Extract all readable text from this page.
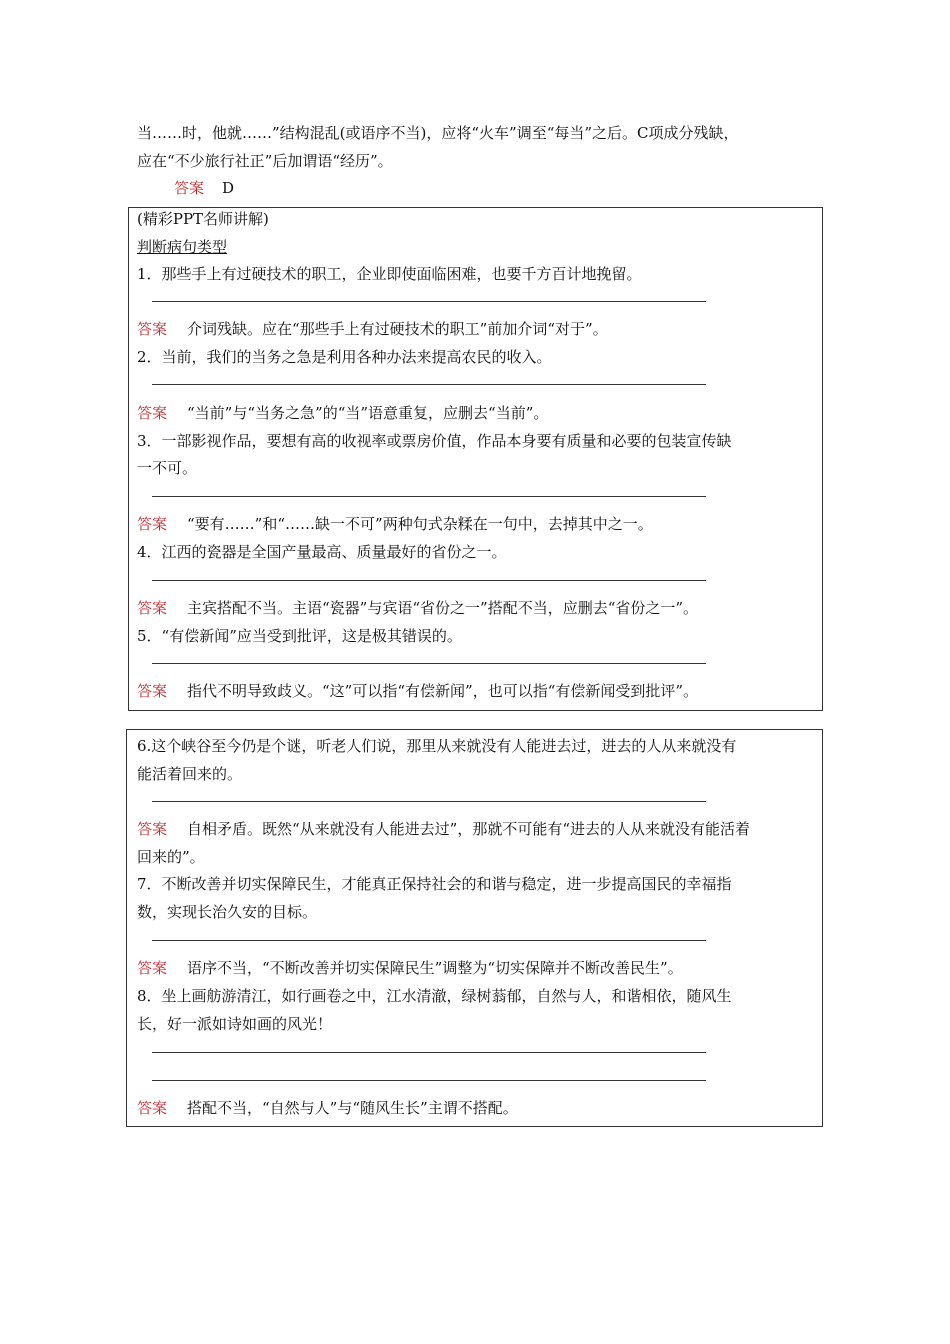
当……时，他就……”结构混乱(或语序不当)，应将“火车”调至“每当”之后。C项成分残缺，
应在“不少旅行社正”后加谓语“经历”。
答案 D
(精彩PPT名师讲解)
判断病句类型
1．那些手上有过硬技术的职工，企业即使面临困难，也要千方百计地挽留。
答案 介词残缺。应在“那些手上有过硬技术的职工”前加介词“对于”。
2．当前，我们的当务之急是利用各种办法来提高农民的收入。
答案 “当前”与“当务之急”的“当”语意重复，应删去“当前”。
3．一部影视作品，要想有高的收视率或票房价值，作品本身要有质量和必要的包装宣传缺
一不可。
答案 “要有……”和“……缺一不可”两种句式杂糅在一句中，去掉其中之一。
4．江西的瓷器是全国产量最高、质量最好的省份之一。
答案 主宾搭配不当。主语“瓷器”与宾语“省份之一”搭配不当，应删去“省份之一”。
5．“有偿新闻”应当受到批评，这是极其错误的。
答案 指代不明导致歧义。“这”可以指“有偿新闻”，也可以指“有偿新闻受到批评”。
6.这个峡谷至今仍是个谜，听老人们说，那里从来就没有人能进去过，进去的人从来就没有
能活着回来的。
答案 自相矛盾。既然“从来就没有人能进去过”，那就不可能有“进去的人从来就没有能活着
回来的”。
7．不断改善并切实保障民生，才能真正保持社会的和谐与稳定，进一步提高国民的幸福指
数，实现长治久安的目标。
答案 语序不当，“不断改善并切实保障民生”调整为“切实保障并不断改善民生”。
8．坐上画舫游清江，如行画卷之中，江水清澈，绿树蓊郁，自然与人，和谐相依，随风生
长，好一派如诗如画的风光！
答案 搭配不当，“自然与人”与“随风生长”主谓不搭配。
